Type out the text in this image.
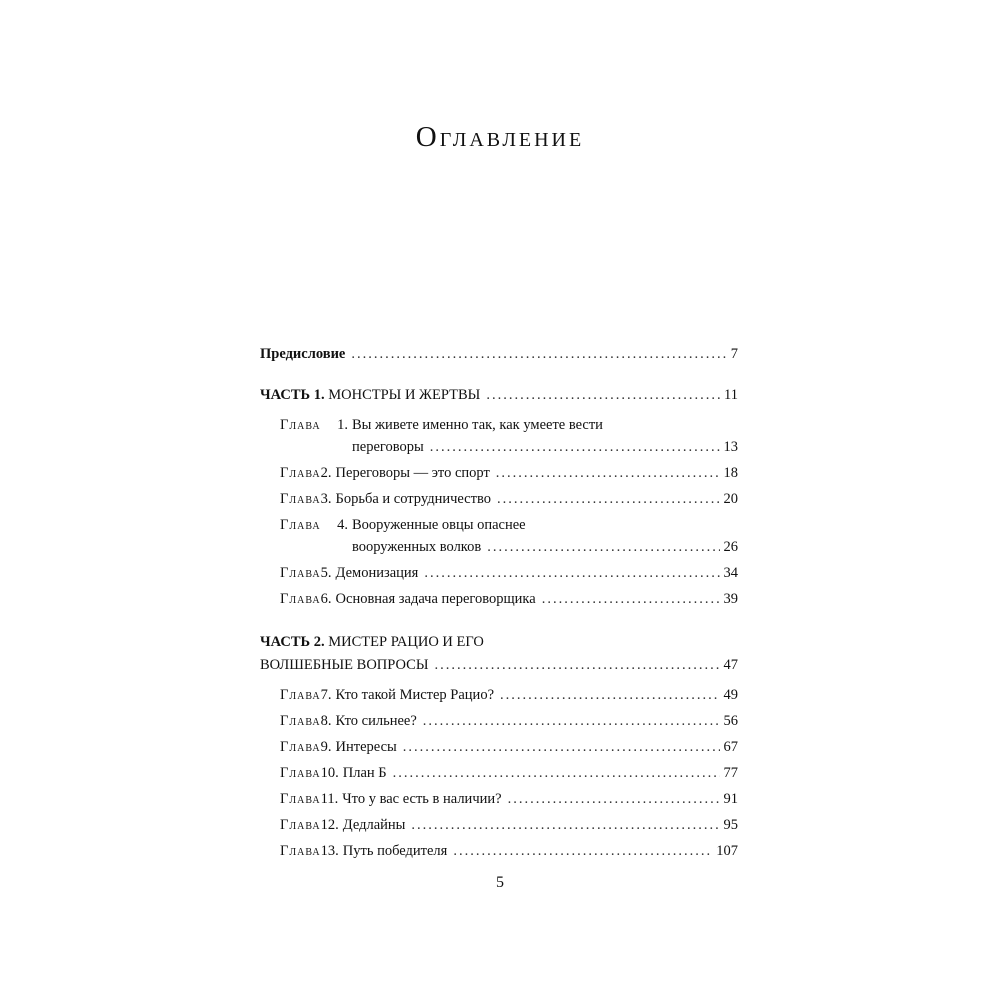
Оглавление
Предисловие .....	7
ЧАСТЬ 1. МОНСТРЫ И ЖЕРТВЫ .....	11
Глава 1. Вы живете именно так, как умеете вести
переговоры .....	13
Глава 2. Переговоры — это спорт .....	18
Глава 3. Борьба и сотрудничество .....	20
Глава 4. Вооруженные овцы опаснее
вооруженных волков .....	26
Глава 5. Демонизация .....	34
Глава 6. Основная задача переговорщика .....	39
ЧАСТЬ 2. МИСТЕР РАЦИО И ЕГО
ВОЛШЕБНЫЕ ВОПРОСЫ .....	47
Глава 7. Кто такой Мистер Рацио? .....	49
Глава 8. Кто сильнее? .....	56
Глава 9. Интересы .....	67
Глава 10. План Б .....	77
Глава 11. Что у вас есть в наличии? .....	91
Глава 12. Дедлайны .....	95
Глава 13. Путь победителя .....	107
5
